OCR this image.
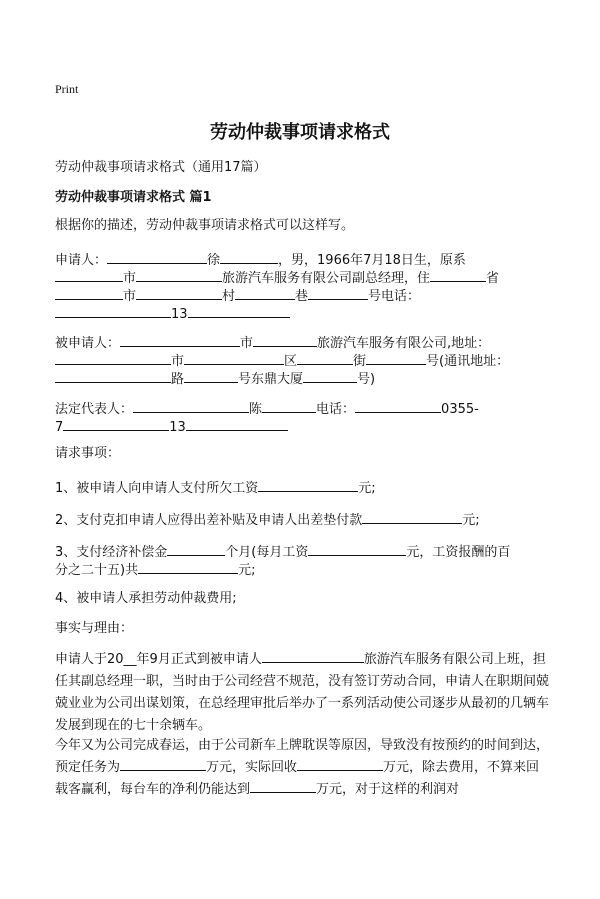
Print
劳动仲裁事项请求格式
劳动仲裁事项请求格式（通用17篇）
劳动仲裁事项请求格式 篇1
根据你的描述，劳动仲裁事项请求格式可以这样写。
申请人：	徐	，男，1966年7月18日生，原系
市	旅游汽车服务有限公司副总经理，住	省
市	村	巷	号电话：
13
被申请人：	市	旅游汽车服务有限公司,地址：
市	区	街	号(通讯地址：
路	号东鼎大厦	号)
法定代表人：	陈	电话：	0355-
7	13
请求事项：
1、被申请人向申请人支付所欠工资	元;
2、支付克扣申请人应得出差补贴及申请人出差垫付款	元;
3、支付经济补偿金	个月(每月工资	元，工资报酬的百
分之二十五)共	元;
4、被申请人承担劳动仲裁费用;
事实与理由：
申请人于20__年9月正式到被申请人	旅游汽车服务有限公司上班，担任其副总经理一职，当时由于公司经营不规范，没有签订劳动合同，申请人在职期间兢兢业业为公司出谋划策，在总经理审批后举办了一系列活动使公司逐步从最初的几辆车发展到现在的七十余辆车。
今年又为公司完成春运，由于公司新车上牌耽误等原因，导致没有按预约的时间到达，预定任务为	万元，实际回收	万元，除去费用，不算来回载客赢利，每台车的净利仍能达到	万元，对于这样的利润对
